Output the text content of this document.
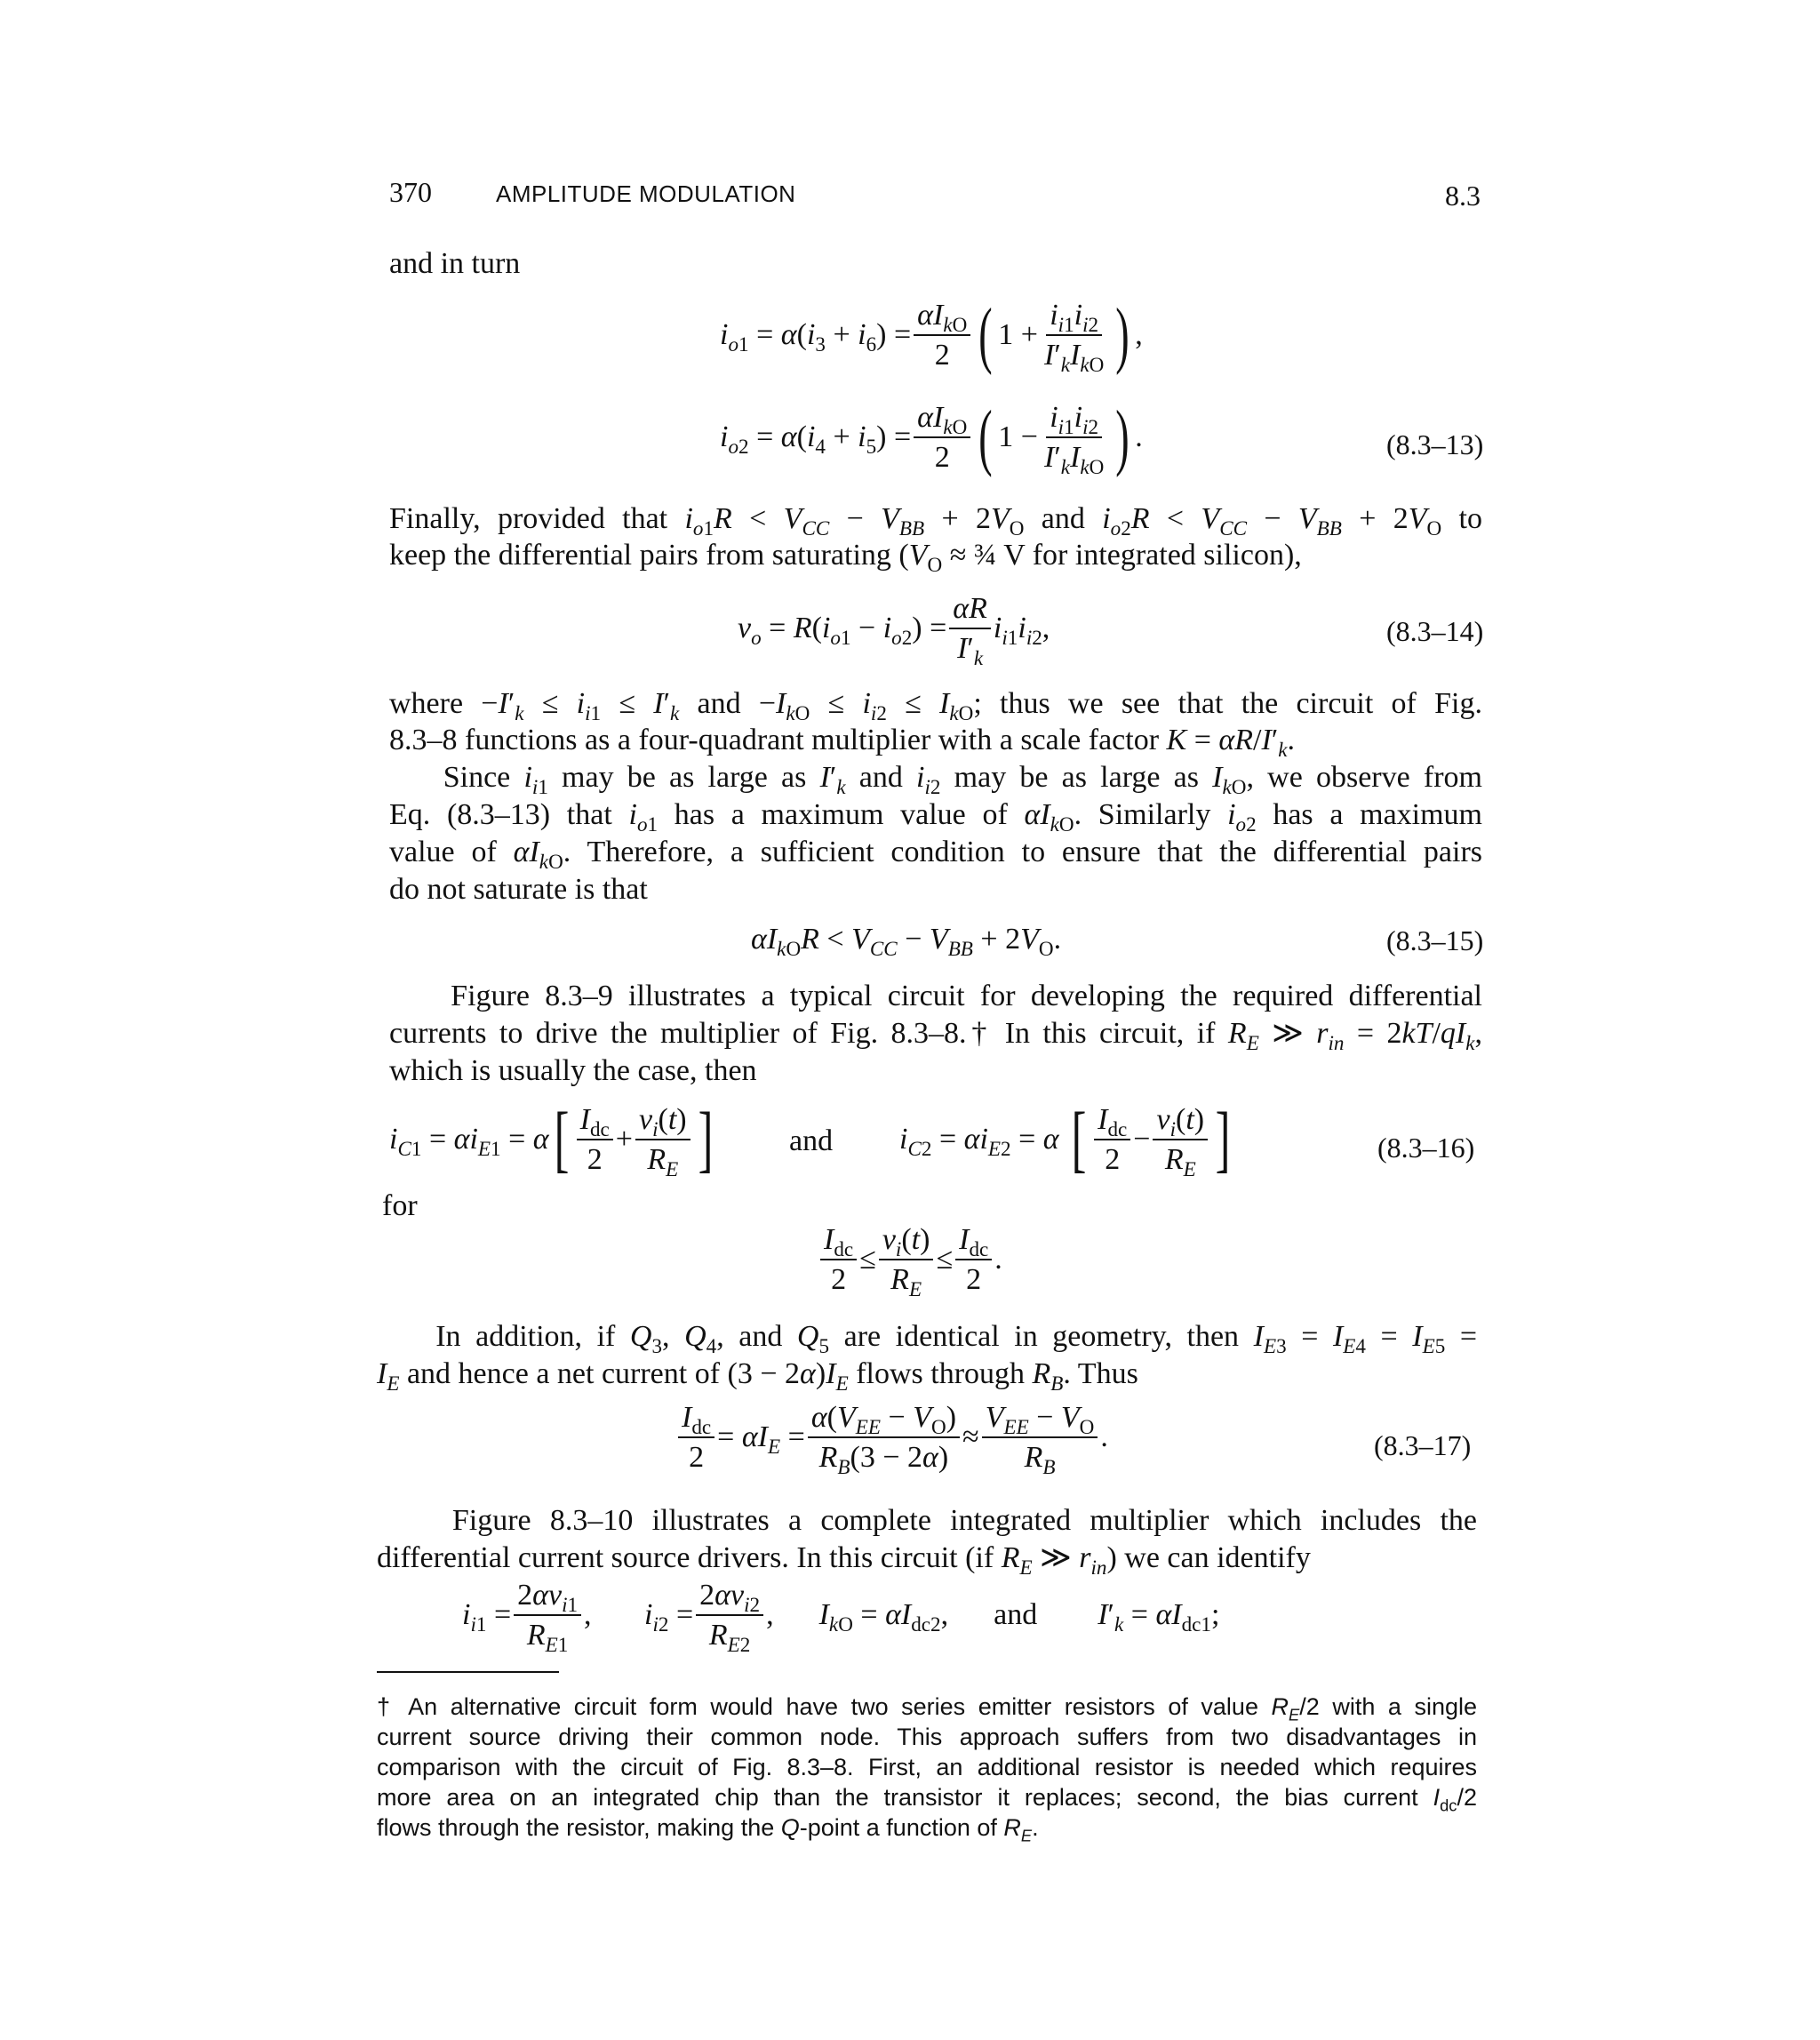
370	AMPLITUDE MODULATION	8.3
and in turn
$i_{o1} = \alpha(i_3 + i_6) = \frac{\alpha I_{kO}}{2}$ ( $1 + \frac{i_{i1}i_{i2}}{I'_kI_{kO}}$ ) ,
$i_{o2} = \alpha(i_4 + i_5) = \frac{\alpha I_{kO}}{2}$ ( $1 - \frac{i_{i1}i_{i2}}{I'_kI_{kO}}$ ) .	(8.3–13)
Finally, provided that $i_{o1}R < V_{CC} - V_{BB} + 2V_O$ and $i_{o2}R < V_{CC} - V_{BB} + 2V_O$ to
keep the differential pairs from saturating ($V_O$ ≈ ¾ V for integrated silicon),
$v_o = R(i_{o1} - i_{o2}) = \frac{\alpha R}{I'_k} i_{i1}i_{i2}$,	(8.3–14)
where $-I'_k \le i_{i1} \le I'_k$ and $-I_{kO} \le i_{i2} \le I_{kO}$; thus we see that the circuit of Fig.
8.3–8 functions as a four-quadrant multiplier with a scale factor $K = \alpha R/I'_k$.
Since $i_{i1}$ may be as large as $I'_k$ and $i_{i2}$ may be as large as $I_{kO}$, we observe from
Eq. (8.3–13) that $i_{o1}$ has a maximum value of $\alpha I_{kO}$. Similarly $i_{o2}$ has a maximum
value of $\alpha I_{kO}$. Therefore, a sufficient condition to ensure that the differential pairs
do not saturate is that
$\alpha I_{kO}R < V_{CC} - V_{BB} + 2V_O$.	(8.3–15)
Figure 8.3–9 illustrates a typical circuit for developing the required differential
currents to drive the multiplier of Fig. 8.3–8.† In this circuit, if $R_E$ ≫ $r_{in} = 2kT/qI_k$,
which is usually the case, then
$i_{C1} = \alpha i_{E1} = \alpha$ [ $\frac{I_{dc}}{2} + \frac{v_i(t)}{R_E}$ ]	and $i_{C2} = \alpha i_{E2} = \alpha$ [ $\frac{I_{dc}}{2} - \frac{v_i(t)}{R_E}$ ]	(8.3–16)
for
$\frac{I_{dc}}{2} \le \frac{v_i(t)}{R_E} \le \frac{I_{dc}}{2}$ .
In addition, if $Q_3$, $Q_4$, and $Q_5$ are identical in geometry, then $I_{E3} = I_{E4} = I_{E5}$ =
$I_E$ and hence a net current of $(3 - 2\alpha)I_E$ flows through $R_B$. Thus
$\frac{I_{dc}}{2} = \alpha I_E = \frac{\alpha(V_{EE} - V_O)}{R_B(3 - 2\alpha)} \approx \frac{V_{EE} - V_O}{R_B}$ .	(8.3–17)
Figure 8.3–10 illustrates a complete integrated multiplier which includes the
differential current source drivers. In this circuit (if $R_E$ ≫ $r_{in}$) we can identify
$i_{i1} = \frac{2\alpha v_{i1}}{R_{E1}}$ ,       $i_{i2} = \frac{2\alpha v_{i2}}{R_{E2}}$ ,      $I_{kO} = \alpha I_{dc2}$,      and        $I'_k = \alpha I_{dc1}$;
† An alternative circuit form would have two series emitter resistors of value $R_E/2$ with a single
current source driving their common node. This approach suffers from two disadvantages in
comparison with the circuit of Fig. 8.3–8. First, an additional resistor is needed which requires
more area on an integrated chip than the transistor it replaces; second, the bias current $I_{dc}/2$
flows through the resistor, making the Q-point a function of $R_E$.
